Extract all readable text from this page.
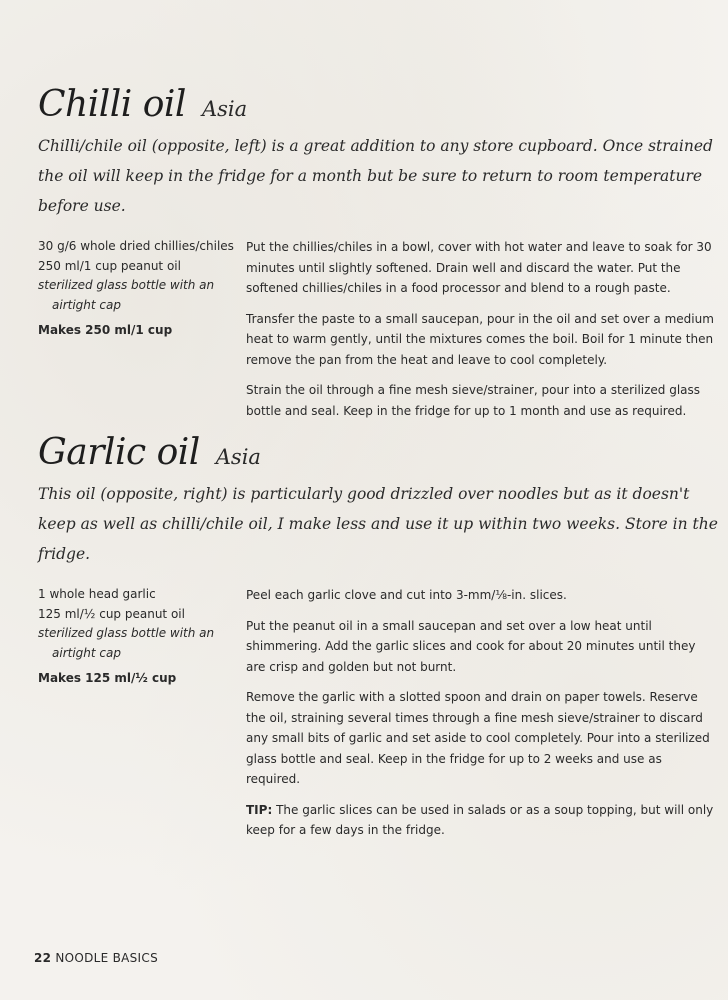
Chilli oil Asia
Chilli/chile oil (opposite, left) is a great addition to any store cupboard. Once strained the oil will keep in the fridge for a month but be sure to return to room temperature before use.
30 g/6 whole dried chillies/chiles
250 ml/1 cup peanut oil
sterilized glass bottle with an airtight cap
Makes 250 ml/1 cup

Put the chillies/chiles in a bowl, cover with hot water and leave to soak for 30 minutes until slightly softened. Drain well and discard the water. Put the softened chillies/chiles in a food processor and blend to a rough paste.

Transfer the paste to a small saucepan, pour in the oil and set over a medium heat to warm gently, until the mixtures comes the boil. Boil for 1 minute then remove the pan from the heat and leave to cool completely.

Strain the oil through a fine mesh sieve/strainer, pour into a sterilized glass bottle and seal. Keep in the fridge for up to 1 month and use as required.

Garlic oil Asia
This oil (opposite, right) is particularly good drizzled over noodles but as it doesn't keep as well as chilli/chile oil, I make less and use it up within two weeks. Store in the fridge.
1 whole head garlic
125 ml/½ cup peanut oil
sterilized glass bottle with an airtight cap
Makes 125 ml/½ cup

Peel each garlic clove and cut into 3-mm/⅛-in. slices.

Put the peanut oil in a small saucepan and set over a low heat until shimmering. Add the garlic slices and cook for about 20 minutes until they are crisp and golden but not burnt.

Remove the garlic with a slotted spoon and drain on paper towels. Reserve the oil, straining several times through a fine mesh sieve/strainer to discard any small bits of garlic and set aside to cool completely. Pour into a sterilized glass bottle and seal. Keep in the fridge for up to 2 weeks and use as required.

TIP: The garlic slices can be used in salads or as a soup topping, but will only keep for a few days in the fridge.

22 NOODLE BASICS
